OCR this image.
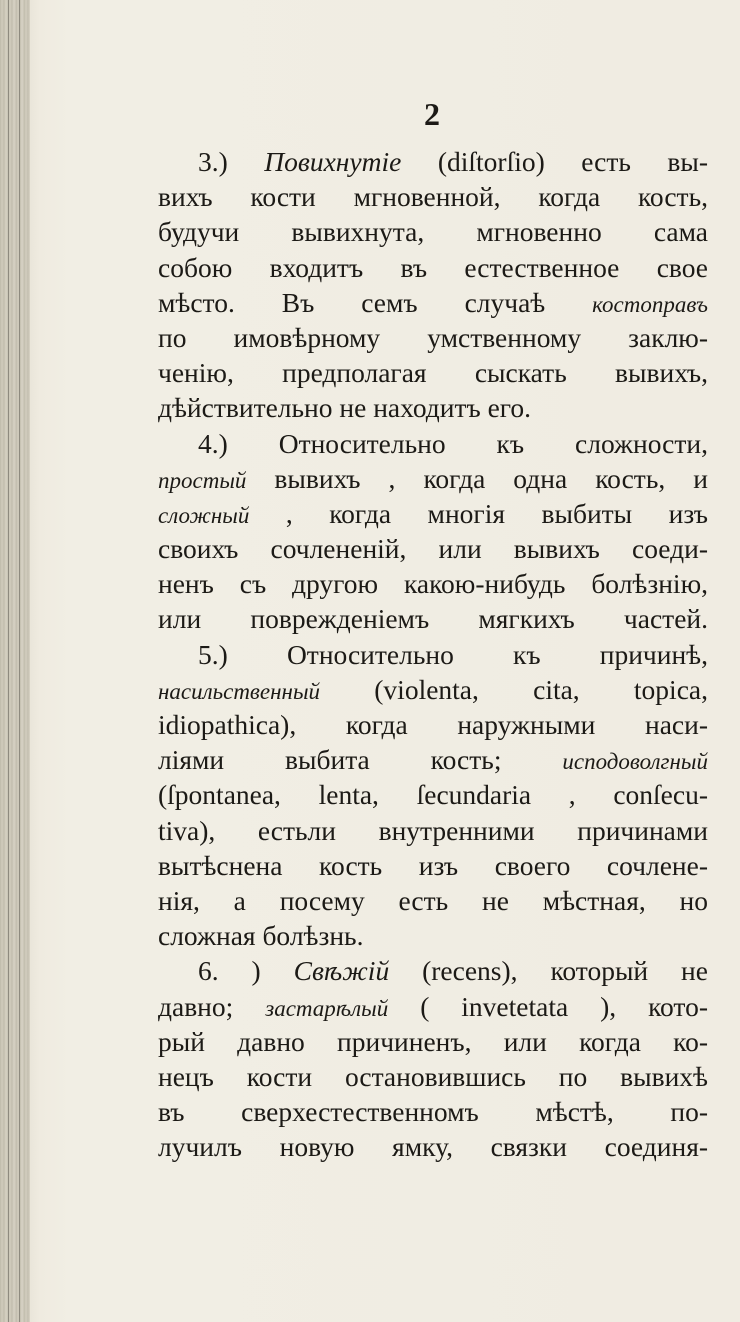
2
3.) Повихнутіе (diſtorſio) есть вы-
вихъ кости мгновенной, когда кость,
будучи вывихнута, мгновенно сама
собою входитъ въ естественное свое
мѣсто. Въ семъ случаѣ костоправъ
по имовѣрному умственному заклю-
ченію, предполагая сыскать вывихъ,
дѣйствительно не находитъ его.
4.) Относительно къ сложности,
простый вывихъ , когда одна кость, и
сложный , когда многія выбиты изъ
своихъ сочлененій, или вывихъ соеди-
ненъ съ другою какою-нибудь болѣзнію,
или поврежденіемъ мягкихъ частей.
5.) Относительно къ причинѣ,
насильственный (violenta, cita, topica,
idiopathica), когда наружными наси-
ліями выбита кость; исподоволгный
(ſpontanea, lenta, ſecundaria , conſecu-
tiva), естьли внутренними причинами
вытѣснена кость изъ своего сочлене-
нія, а посему есть не мѣстная, но
сложная болѣзнь.
6. ) Свѣжій (recens), который не
давно; застарѣлый ( invetetata ), кото-
рый давно причиненъ, или когда ко-
нецъ кости остановившись по вывихѣ
въ сверхестественномъ мѣстѣ, по-
лучилъ новую ямку, связки соединя-
